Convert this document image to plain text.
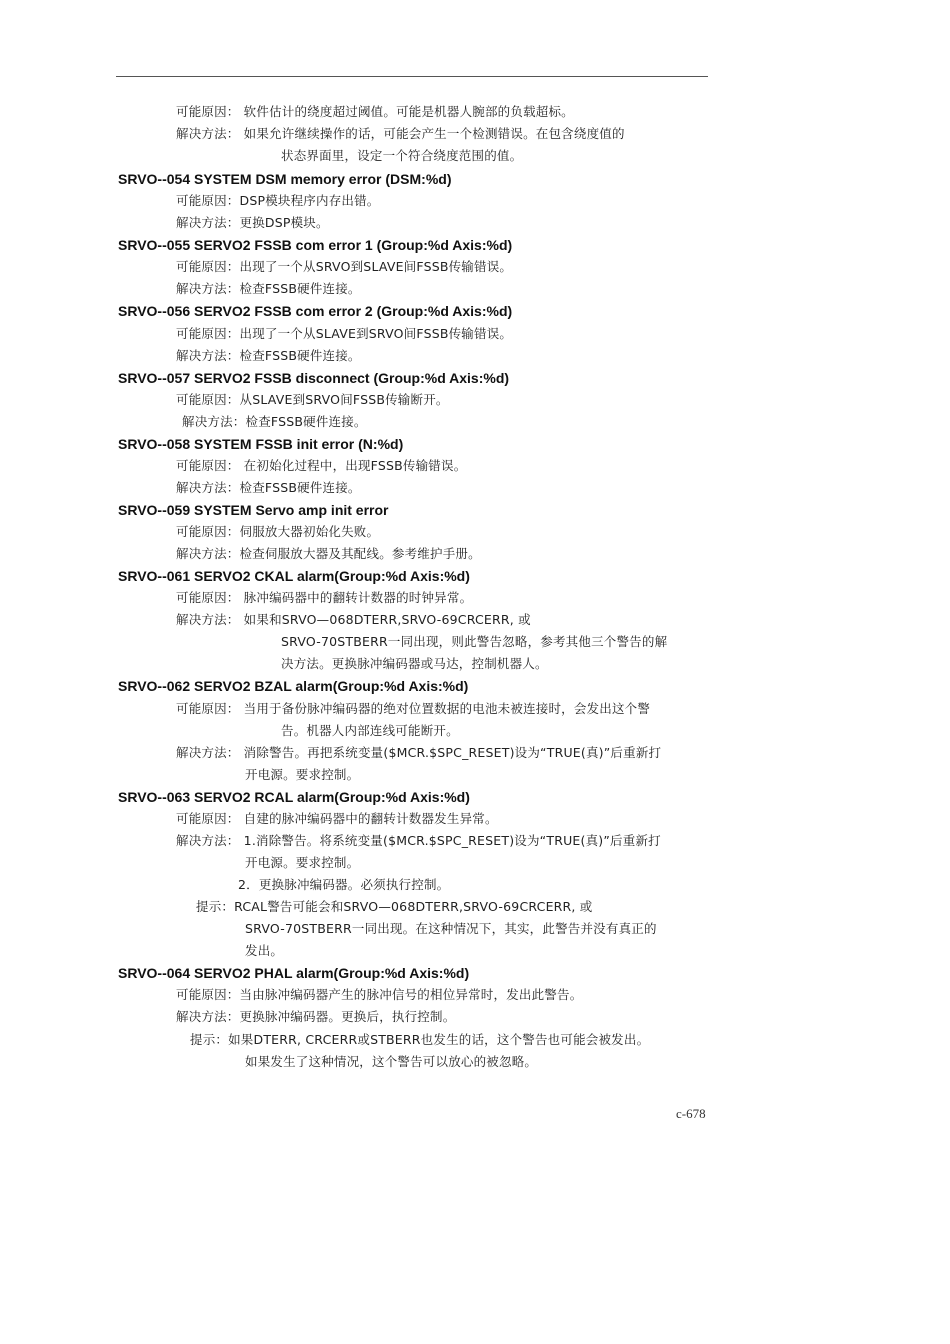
可能原因： 软件估计的绕度超过阈值。可能是机器人腕部的负载超标。
解决方法： 如果允许继续操作的话，可能会产生一个检测错误。在包含绕度值的
状态界面里，设定一个符合绕度范围的值。
SRVO--054 SYSTEM DSM memory error (DSM:%d)
可能原因：DSP模块程序内存出错。
解决方法：更换DSP模块。
SRVO--055 SERVO2 FSSB com error 1 (Group:%d Axis:%d)
可能原因：出现了一个从SRVO到SLAVE间FSSB传输错误。
解决方法：检查FSSB硬件连接。
SRVO--056 SERVO2 FSSB com error 2 (Group:%d Axis:%d)
可能原因：出现了一个从SLAVE到SRVO间FSSB传输错误。
解决方法：检查FSSB硬件连接。
SRVO--057 SERVO2 FSSB disconnect (Group:%d Axis:%d)
可能原因：从SLAVE到SRVO间FSSB传输断开。
解决方法：检查FSSB硬件连接。
SRVO--058 SYSTEM FSSB init error (N:%d)
可能原因： 在初始化过程中，出现FSSB传输错误。
解决方法：检查FSSB硬件连接。
SRVO--059 SYSTEM Servo amp init error
可能原因：伺服放大器初始化失败。
解决方法：检查伺服放大器及其配线。参考维护手册。
SRVO--061 SERVO2 CKAL alarm(Group:%d Axis:%d)
可能原因： 脉冲编码器中的翻转计数器的时钟异常。
解决方法： 如果和SRVO—068DTERR,SRVO-69CRCERR, 或
SRVO-70STBERR一同出现，则此警告忽略，参考其他三个警告的解
决方法。更换脉冲编码器或马达，控制机器人。
SRVO--062 SERVO2 BZAL alarm(Group:%d Axis:%d)
可能原因： 当用于备份脉冲编码器的绝对位置数据的电池未被连接时，会发出这个警
告。机器人内部连线可能断开。
解决方法： 消除警告。再把系统变量($MCR.$SPC_RESET)设为“TRUE(真)”后重新打
开电源。要求控制。
SRVO--063 SERVO2 RCAL alarm(Group:%d Axis:%d)
可能原因： 自建的脉冲编码器中的翻转计数器发生异常。
解决方法： 1.消除警告。将系统变量($MCR.$SPC_RESET)设为“TRUE(真)”后重新打
开电源。要求控制。
2．更换脉冲编码器。必须执行控制。
提示：RCAL警告可能会和SRVO—068DTERR,SRVO-69CRCERR, 或
SRVO-70STBERR一同出现。在这种情况下，其实，此警告并没有真正的
发出。
SRVO--064 SERVO2 PHAL alarm(Group:%d Axis:%d)
可能原因：当由脉冲编码器产生的脉冲信号的相位异常时，发出此警告。
解决方法：更换脉冲编码器。更换后，执行控制。
提示：如果DTERR, CRCERR或STBERR也发生的话，这个警告也可能会被发出。
如果发生了这种情况，这个警告可以放心的被忽略。
c-678
